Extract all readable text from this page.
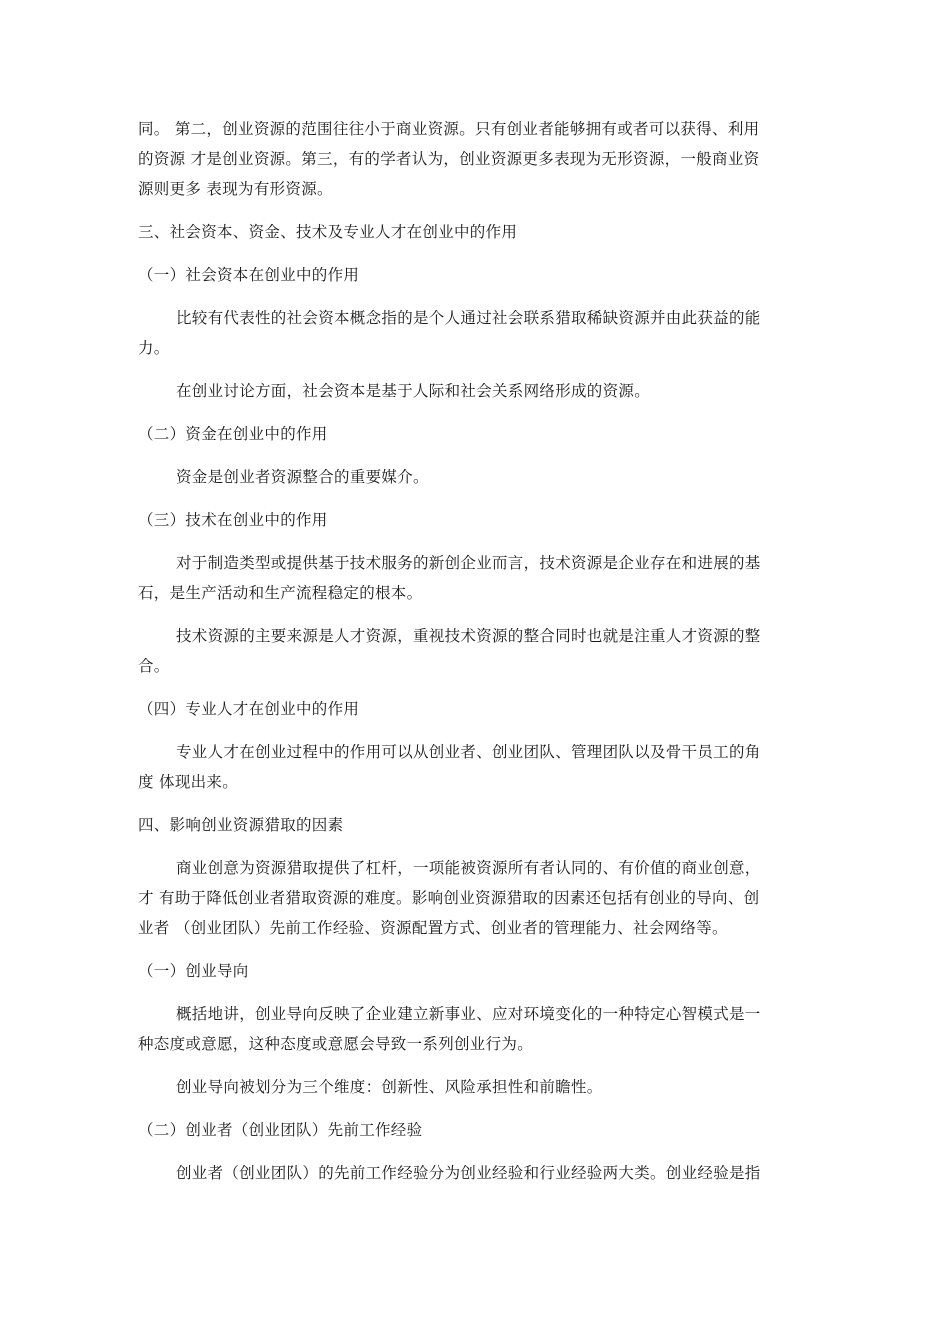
同。 第二，创业资源的范围往往小于商业资源。只有创业者能够拥有或者可以获得、利用
的资源 才是创业资源。第三，有的学者认为，创业资源更多表现为无形资源，一般商业资
源则更多 表现为有形资源。

三、社会资本、资金、技术及专业人才在创业中的作用

（一）社会资本在创业中的作用

比较有代表性的社会资本概念指的是个人通过社会联系猎取稀缺资源并由此获益的能
力。

在创业讨论方面，社会资本是基于人际和社会关系网络形成的资源。

（二）资金在创业中的作用

资金是创业者资源整合的重要媒介。

（三）技术在创业中的作用

对于制造类型或提供基于技术服务的新创企业而言，技术资源是企业存在和进展的基
石，是生产活动和生产流程稳定的根本。

技术资源的主要来源是人才资源，重视技术资源的整合同时也就是注重人才资源的整
合。

（四）专业人才在创业中的作用

专业人才在创业过程中的作用可以从创业者、创业团队、管理团队以及骨干员工的角
度 体现出来。

四、影响创业资源猎取的因素

商业创意为资源猎取提供了杠杆，一项能被资源所有者认同的、有价值的商业创意，
才 有助于降低创业者猎取资源的难度。影响创业资源猎取的因素还包括有创业的导向、创
业者 （创业团队）先前工作经验、资源配置方式、创业者的管理能力、社会网络等。

（一）创业导向

概括地讲，创业导向反映了企业建立新事业、应对环境变化的一种特定心智模式是一
种态度或意愿，这种态度或意愿会导致一系列创业行为。

创业导向被划分为三个维度：创新性、风险承担性和前瞻性。

（二）创业者（创业团队）先前工作经验

创业者（创业团队）的先前工作经验分为创业经验和行业经验两大类。创业经验是指
